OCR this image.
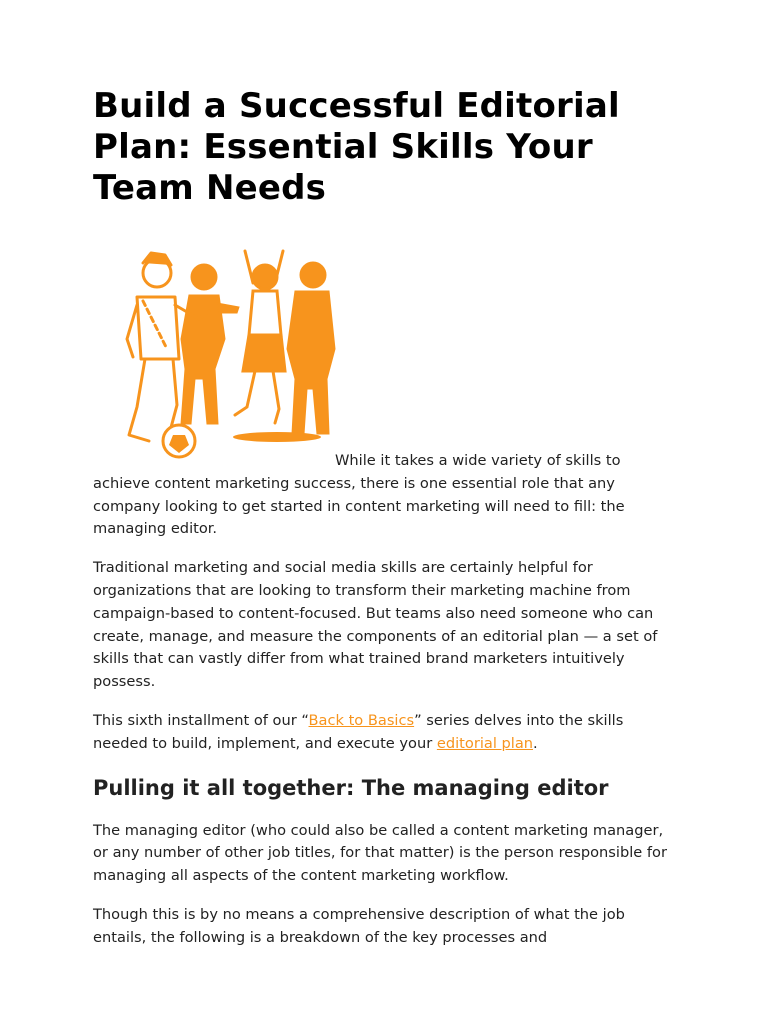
Build a Successful Editorial Plan: Essential Skills Your Team Needs

While it takes a wide variety of skills to achieve content marketing success, there is one essential role that any company looking to get started in content marketing will need to fill: the managing editor.

Traditional marketing and social media skills are certainly helpful for organizations that are looking to transform their marketing machine from campaign-based to content-focused. But teams also need someone who can create, manage, and measure the components of an editorial plan — a set of skills that can vastly differ from what trained brand marketers intuitively possess.

This sixth installment of our “Back to Basics” series delves into the skills needed to build, implement, and execute your editorial plan.

Pulling it all together: The managing editor

The managing editor (who could also be called a content marketing manager, or any number of other job titles, for that matter) is the person responsible for managing all aspects of the content marketing workflow.

Though this is by no means a comprehensive description of what the job entails, the following is a breakdown of the key processes and
